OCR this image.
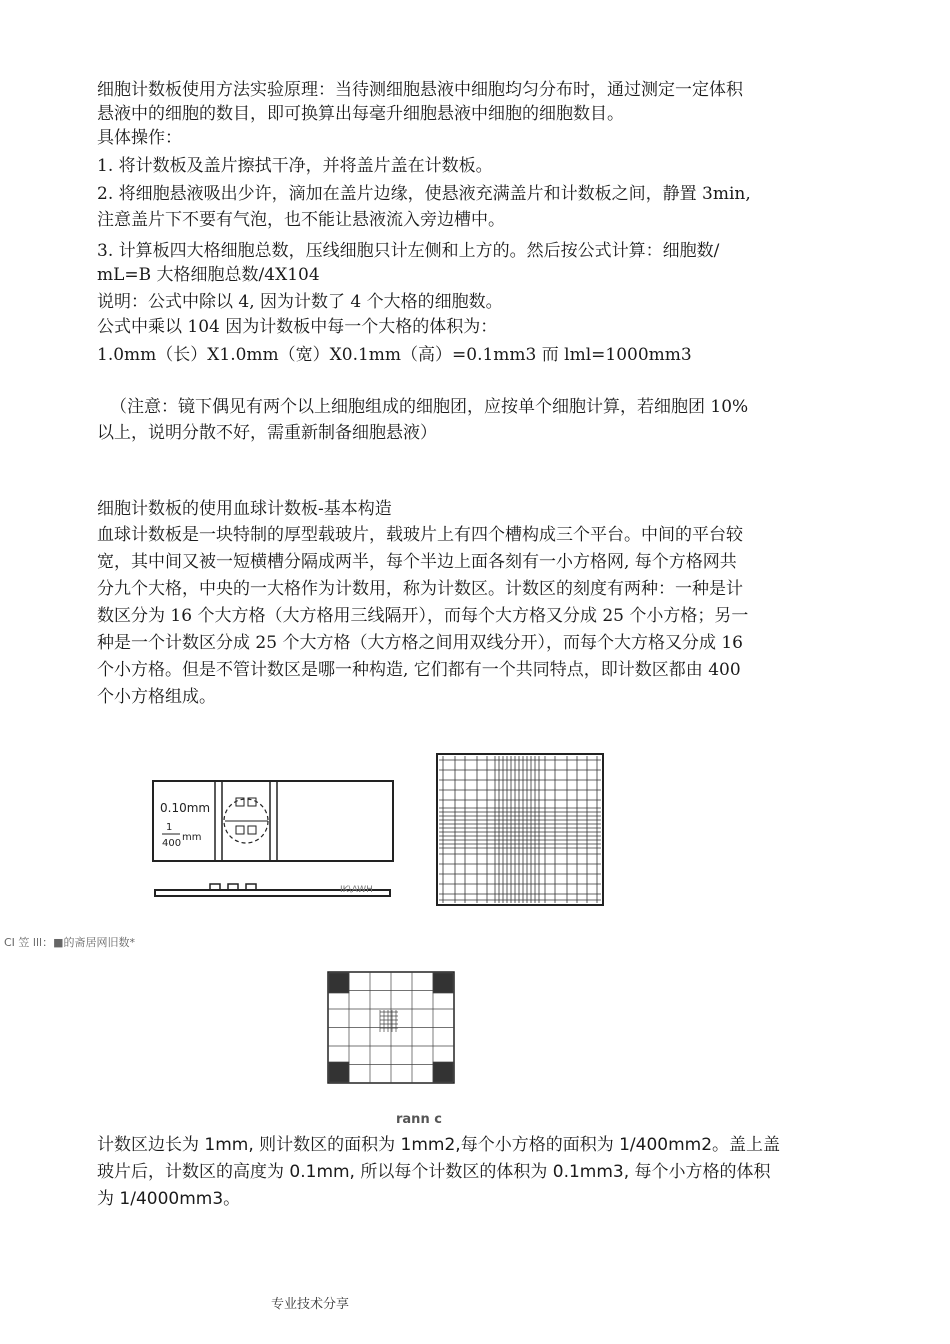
细胞计数板使用方法实验原理：当待测细胞悬液中细胞均匀分布时，通过测定一定体积
悬液中的细胞的数目，即可换算出每毫升细胞悬液中细胞的细胞数目。
具体操作：
1. 将计数板及盖片擦拭干净，并将盖片盖在计数板。
2. 将细胞悬液吸出少许，滴加在盖片边缘，使悬液充满盖片和计数板之间，静置 3min,
注意盖片下不要有气泡，也不能让悬液流入旁边槽中。
3. 计算板四大格细胞总数，压线细胞只计左侧和上方的。然后按公式计算：细胞数/
mL=В 大格细胞总数/4X104
说明：公式中除以 4, 因为计数了 4 个大格的细胞数。
公式中乘以 104 因为计数板中每一个大格的体积为：
1.0mm（长）X1.0mm（宽）X0.1mm（高）=0.1mm3 而 lml=1000mm3
（注意：镜下偶见有两个以上细胞组成的细胞团，应按单个细胞计算，若细胞团 10%
以上，说明分散不好，需重新制备细胞悬液）
细胞计数板的使用血球计数板-基本构造
血球计数板是一块特制的厚型载玻片，载玻片上有四个槽构成三个平台。中间的平台较
宽，其中间又被一短横槽分隔成两半，每个半边上面各刻有一小方格网, 每个方格网共
分九个大格，中央的一大格作为计数用，称为计数区。计数区的刻度有两种：一种是计
数区分为 16 个大方格（大方格用三线隔开），而每个大方格又分成 25 个小方格；另一
种是一个计数区分成 25 个大方格（大方格之间用双线分开），而每个大方格又分成 16
个小方格。但是不管计数区是哪一种构造, 它们都有一个共同特点，即计数区都由 400
个小方格组成。
0.10mm
1
400
mm
IK\AWH
CI 笠 lll：■的斋居网旧数*
rann c
计数区边长为 1mm, 则计数区的面积为 1mm2,每个小方格的面积为 1/400mm2。盖上盖
玻片后，计数区的高度为 0.1mm, 所以每个计数区的体积为 0.1mm3, 每个小方格的体积
为 1/4000mm3。
专业技术分享
